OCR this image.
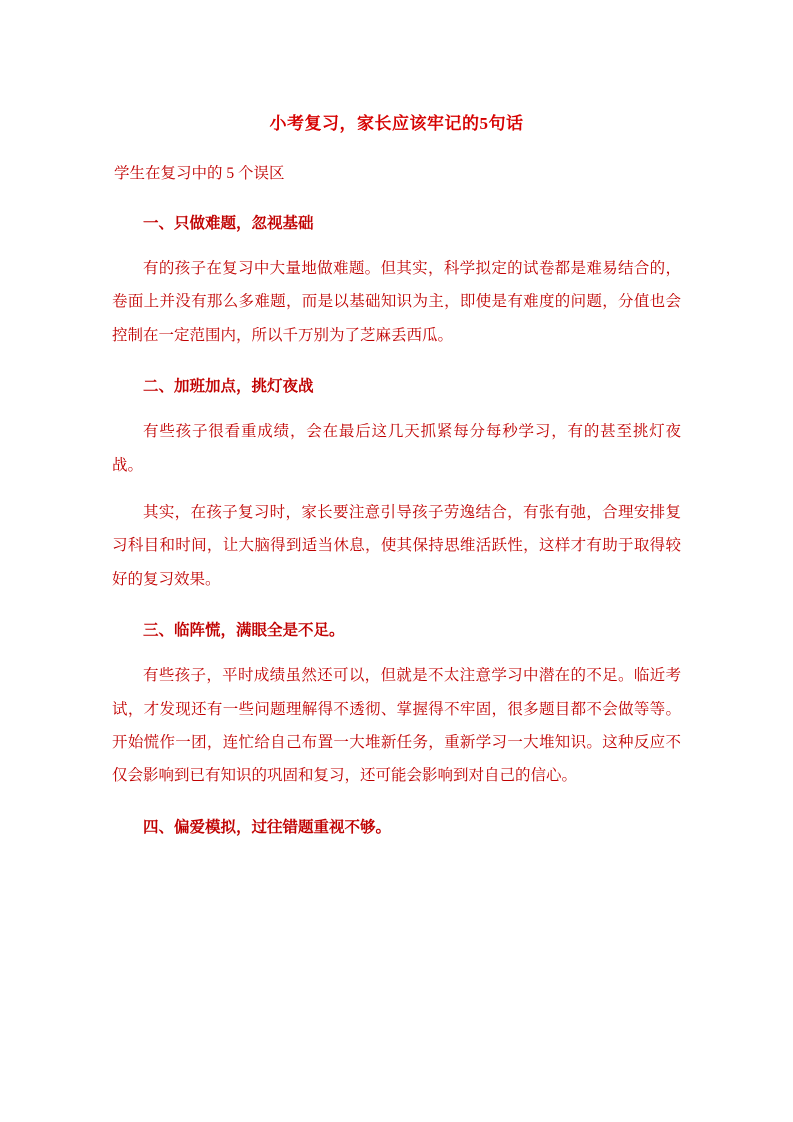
小考复习，家长应该牢记的5句话

学生在复习中的 5 个误区

一、只做难题，忽视基础

有的孩子在复习中大量地做难题。但其实，科学拟定的试卷都是难易结合的，卷面上并没有那么多难题，而是以基础知识为主，即使是有难度的问题，分值也会控制在一定范围内，所以千万别为了芝麻丢西瓜。

二、加班加点，挑灯夜战

有些孩子很看重成绩，会在最后这几天抓紧每分每秒学习，有的甚至挑灯夜战。

其实，在孩子复习时，家长要注意引导孩子劳逸结合，有张有弛，合理安排复习科目和时间，让大脑得到适当休息，使其保持思维活跃性，这样才有助于取得较好的复习效果。

三、临阵慌，满眼全是不足。

有些孩子，平时成绩虽然还可以，但就是不太注意学习中潜在的不足。临近考试，才发现还有一些问题理解得不透彻、掌握得不牢固，很多题目都不会做等等。开始慌作一团，连忙给自己布置一大堆新任务，重新学习一大堆知识。这种反应不仅会影响到已有知识的巩固和复习，还可能会影响到对自己的信心。

四、偏爱模拟，过往错题重视不够。
